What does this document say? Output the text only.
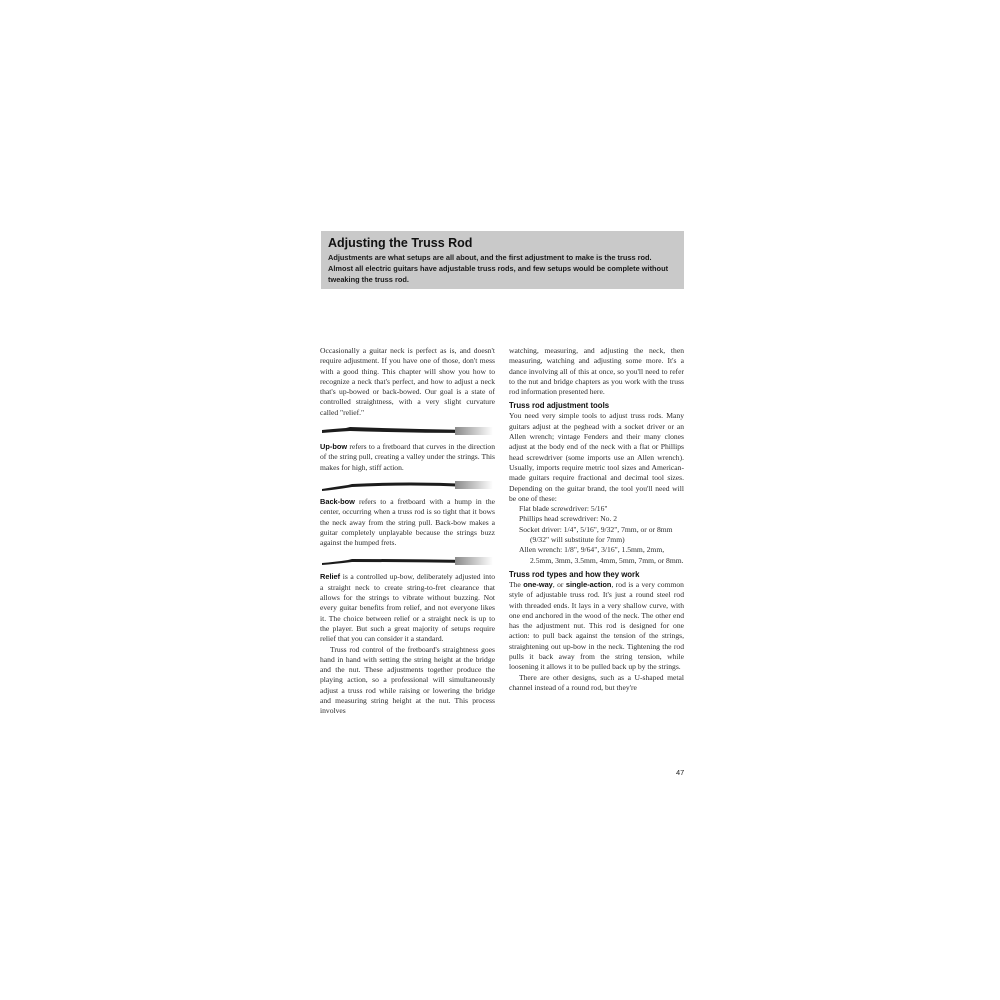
Adjusting the Truss Rod
Adjustments are what setups are all about, and the first adjustment to make is the truss rod. Almost all electric guitars have adjustable truss rods, and few setups would be complete without tweaking the truss rod.

Occasionally a guitar neck is perfect as is, and doesn't require adjustment. If you have one of those, don't mess with a good thing. This chapter will show you how to recognize a neck that's perfect, and how to adjust a neck that's up-bowed or back-bowed. Our goal is a state of controlled straightness, with a very slight curvature called "relief."

Up-bow refers to a fretboard that curves in the direction of the string pull, creating a valley under the strings. This makes for high, stiff action.

Back-bow refers to a fretboard with a hump in the center, occurring when a truss rod is so tight that it bows the neck away from the string pull. Back-bow makes a guitar completely unplayable because the strings buzz against the humped frets.

Relief is a controlled up-bow, deliberately adjusted into a straight neck to create string-to-fret clearance that allows for the strings to vibrate without buzzing. Not every guitar benefits from relief, and not everyone likes it. The choice between relief or a straight neck is up to the player. But such a great majority of setups require relief that you can consider it a standard.

Truss rod control of the fretboard's straightness goes hand in hand with setting the string height at the bridge and the nut. These adjustments together produce the playing action, so a professional will simultaneously adjust a truss rod while raising or lowering the bridge and measuring string height at the nut. This process involves

watching, measuring, and adjusting the neck, then measuring, watching and adjusting some more. It's a dance involving all of this at once, so you'll need to refer to the nut and bridge chapters as you work with the truss rod information presented here.

Truss rod adjustment tools

You need very simple tools to adjust truss rods. Many guitars adjust at the peghead with a socket driver or an Allen wrench; vintage Fenders and their many clones adjust at the body end of the neck with a flat or Phillips head screwdriver (some imports use an Allen wrench). Usually, imports require metric tool sizes and American-made guitars require fractional and decimal tool sizes. Depending on the guitar brand, the tool you'll need will be one of these:

Flat blade screwdriver: 5/16"
Phillips head screwdriver: No. 2
Socket driver: 1/4", 5/16", 9/32", 7mm, or or 8mm (9/32" will substitute for 7mm)
Allen wrench: 1/8", 9/64", 3/16", 1.5mm, 2mm, 2.5mm, 3mm, 3.5mm, 4mm, 5mm, 7mm, or 8mm.
Truss rod types and how they work

The one-way, or single-action, rod is a very common style of adjustable truss rod. It's just a round steel rod with threaded ends. It lays in a very shallow curve, with one end anchored in the wood of the neck. The other end has the adjustment nut. This rod is designed for one action: to pull back against the tension of the strings, straightening out up-bow in the neck. Tightening the rod pulls it back away from the string tension, while loosening it allows it to be pulled back up by the strings.

There are other designs, such as a U-shaped metal channel instead of a round rod, but they're

47
